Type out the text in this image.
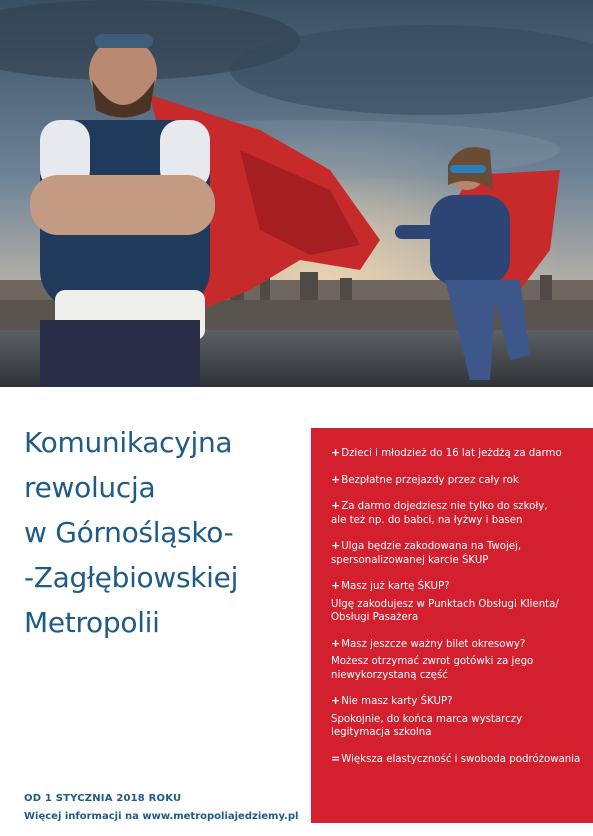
Komunikacyjna
rewolucja
w Górnośląsko-
-Zagłębiowskiej
Metropolii
+Dzieci i młodzież do 16 lat jeżdżą za darmo
+Bezpłatne przejazdy przez cały rok
+Za darmo dojedziesz nie tylko do szkoły,
ale też np. do babci, na łyżwy i basen
+Ulga będzie zakodowana na Twojej,
spersonalizowanej karcie ŚKUP
+Masz już kartę ŚKUP?
Ulgę zakodujesz w Punktach Obsługi Klienta/
Obsługi Pasażera
+Masz jeszcze ważny bilet okresowy?
Możesz otrzymać zwrot gotówki za jego
niewykorzystaną część
+Nie masz karty ŚKUP?
Spokojnie, do końca marca wystarczy
legitymacja szkolna
=Większa elastyczność i swoboda podróżowania
OD 1 STYCZNIA 2018 ROKU
Więcej informacji na www.metropoliajedziemy.pl
